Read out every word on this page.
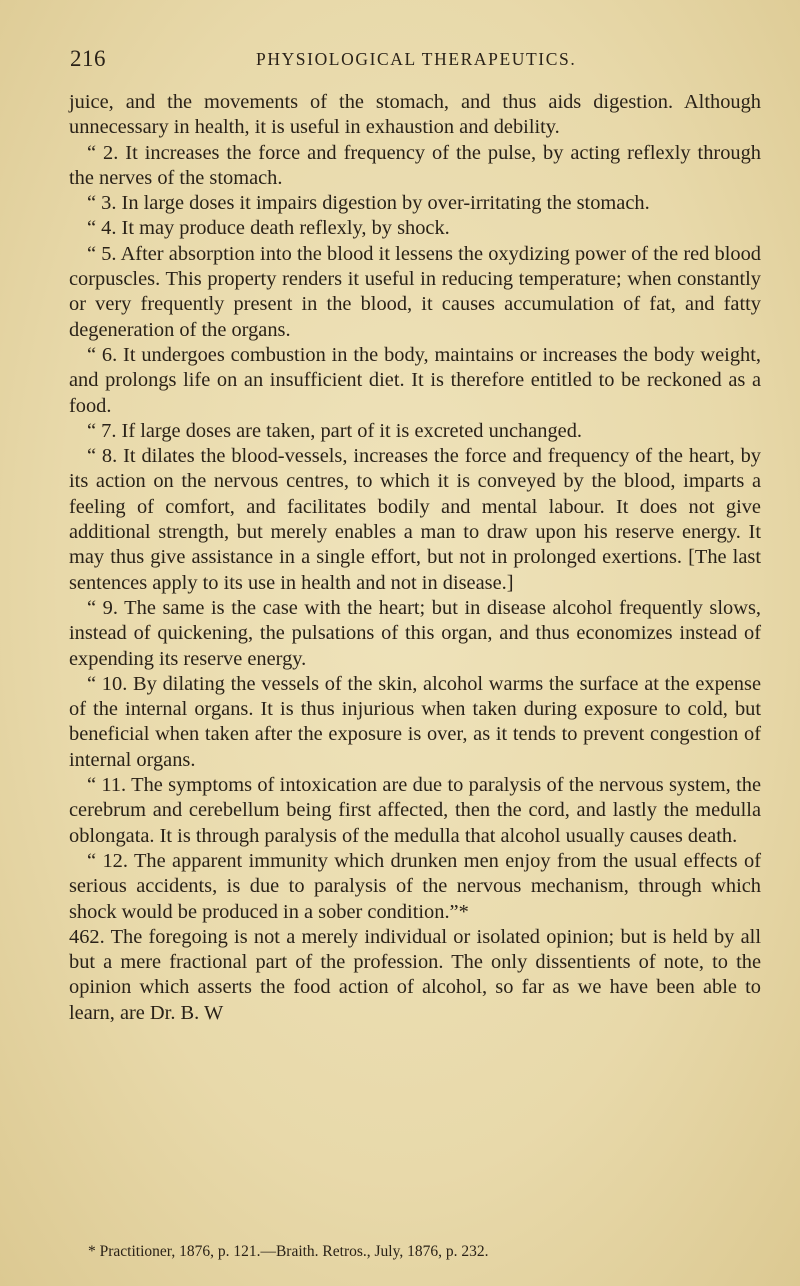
216	PHYSIOLOGICAL THERAPEUTICS.

juice, and the movements of the stomach, and thus aids digestion. Although unnecessary in health, it is useful in exhaustion and debility.

“ 2. It increases the force and frequency of the pulse, by acting reflexly through the nerves of the stomach.

“ 3. In large doses it impairs digestion by over-irritating the stomach.

“ 4. It may produce death reflexly, by shock.

“ 5. After absorption into the blood it lessens the oxydizing power of the red blood corpuscles. This property renders it useful in reducing temperature; when constantly or very frequently present in the blood, it causes accumulation of fat, and fatty degeneration of the organs.

“ 6. It undergoes combustion in the body, maintains or increases the body weight, and prolongs life on an insufficient diet. It is therefore entitled to be reckoned as a food.

“ 7. If large doses are taken, part of it is excreted unchanged.

“ 8. It dilates the blood-vessels, increases the force and frequency of the heart, by its action on the nervous centres, to which it is conveyed by the blood, imparts a feeling of comfort, and facilitates bodily and mental labour. It does not give additional strength, but merely enables a man to draw upon his reserve energy. It may thus give assistance in a single effort, but not in prolonged exertions. [The last sentences apply to its use in health and not in disease.]

“ 9. The same is the case with the heart; but in disease alcohol frequently slows, instead of quickening, the pulsations of this organ, and thus economizes instead of expending its reserve energy.

“ 10. By dilating the vessels of the skin, alcohol warms the surface at the expense of the internal organs. It is thus injurious when taken during exposure to cold, but beneficial when taken after the exposure is over, as it tends to prevent congestion of internal organs.

“ 11. The symptoms of intoxication are due to paralysis of the nervous system, the cerebrum and cerebellum being first affected, then the cord, and lastly the medulla oblongata. It is through paralysis of the medulla that alcohol usually causes death.

“ 12. The apparent immunity which drunken men enjoy from the usual effects of serious accidents, is due to paralysis of the nervous mechanism, through which shock would be produced in a sober condition.”*

462. The foregoing is not a merely individual or isolated opinion; but is held by all but a mere fractional part of the profession. The only dissentients of note, to the opinion which asserts the food action of alcohol, so far as we have been able to learn, are Dr. B. W

* Practitioner, 1876, p. 121.—Braith. Retros., July, 1876, p. 232.
